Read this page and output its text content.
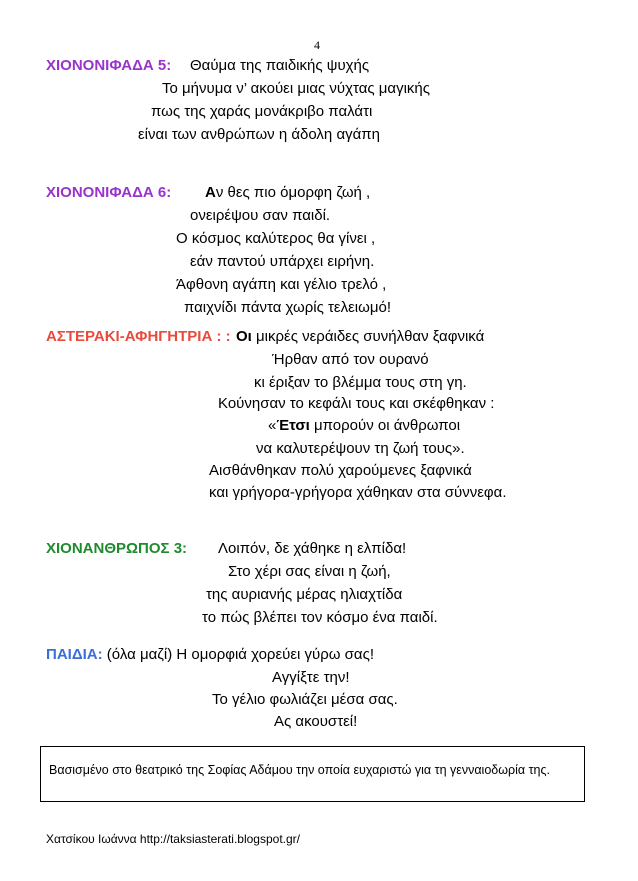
4
ΧΙΟΝΟΝΙΦΑΔΑ 5: Θαύμα της παιδικής ψυχής
Το μήνυμα ν’ ακούει μιας νύχτας μαγικής
πως της χαράς μονάκριβο παλάτι
είναι των ανθρώπων η άδολη αγάπη
ΧΙΟΝΟΝΙΦΑΔΑ 6: Αν θες πιο όμορφη ζωή ,
ονειρέψου σαν παιδί.
Ο κόσμος καλύτερος θα γίνει ,
εάν παντού υπάρχει ειρήνη.
Άφθονη αγάπη και γέλιο τρελό ,
παιχνίδι πάντα χωρίς τελειωμό!
ΑΣΤΕΡΑΚΙ-ΑΦΗΓΗΤΡΙΑ : : Οι μικρές νεράιδες συνήλθαν ξαφνικά
Ήρθαν από τον ουρανό
κι έριξαν το βλέμμα τους στη γη.
Κούνησαν το κεφάλι τους και σκέφθηκαν :
«Έτσι μπορούν οι άνθρωποι
να καλυτερέψουν τη ζωή τους».
Αισθάνθηκαν πολύ χαρούμενες ξαφνικά
και γρήγορα-γρήγορα χάθηκαν στα σύννεφα.
ΧΙΟΝΑΝΘΡΩΠΟΣ 3: Λοιπόν, δε χάθηκε η ελπίδα!
Στο χέρι σας είναι η ζωή,
της αυριανής μέρας ηλιαχτίδα
το πώς βλέπει τον κόσμο ένα παιδί.
ΠΑΙΔΙΑ: (όλα μαζί) Η ομορφιά χορεύει γύρω σας!
Αγγίξτε την!
Το γέλιο φωλιάζει μέσα σας.
Ας ακουστεί!
Βασισμένο στο θεατρικό της Σοφίας Αδάμου την οποία ευχαριστώ για τη γενναιοδωρία της.
Χατσίκου Ιωάννα http://taksiasterati.blogspot.gr/
